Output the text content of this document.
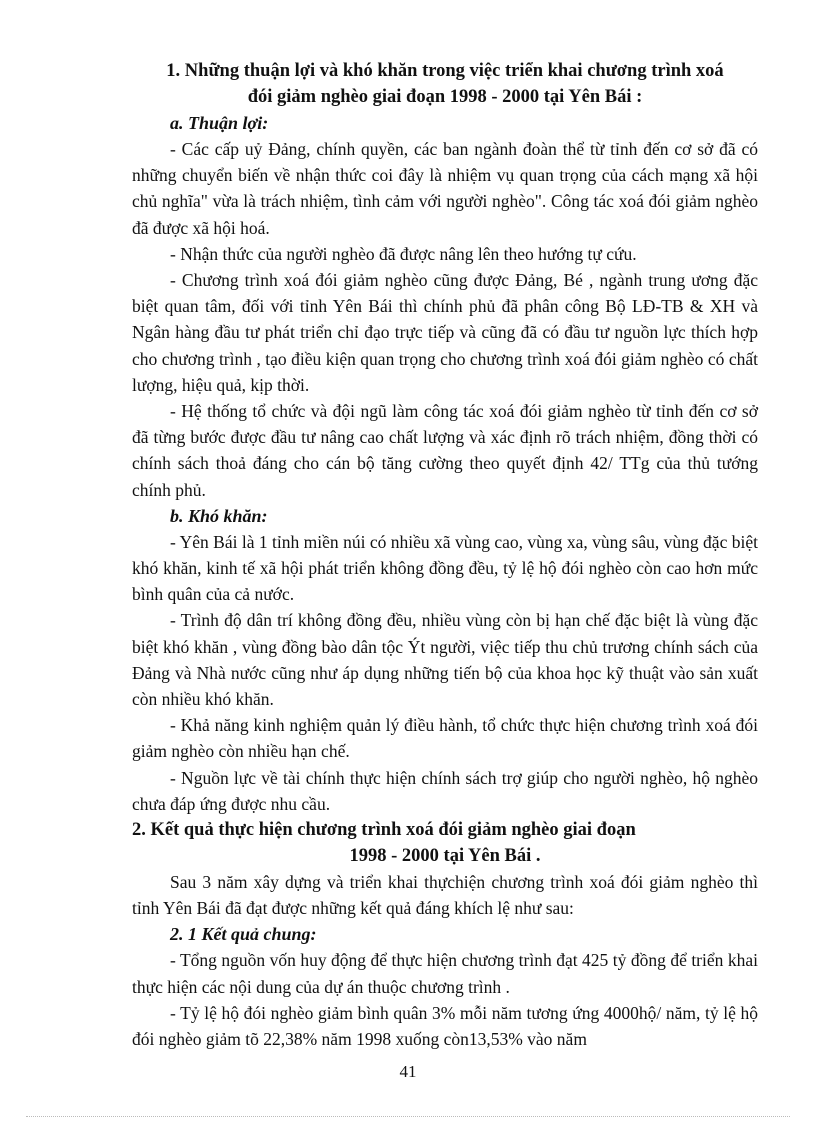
1. Những thuận lợi và khó khăn trong việc triển khai chương trình xoá

đói giảm nghèo giai đoạn 1998 - 2000 tại Yên Bái :

a. Thuận lợi:

- Các cấp uỷ Đảng, chính quyền, các ban ngành đoàn thể từ tỉnh đến cơ sở đã có những chuyển biến về nhận thức coi đây là nhiệm vụ quan trọng của cách mạng xã hội chủ nghĩa" vừa là trách nhiệm, tình cảm với người nghèo". Công tác xoá đói giảm nghèo đã được xã hội hoá.

- Nhận thức của người nghèo đã được nâng lên theo hướng tự cứu.

- Chương trình xoá đói giảm nghèo cũng được Đảng, Bé , ngành trung ương đặc biệt quan tâm, đối với tỉnh Yên Bái thì chính phủ đã phân công Bộ LĐ-TB & XH và Ngân hàng đầu tư phát triển chỉ đạo trực tiếp và cũng đã có đầu tư nguồn lực thích hợp cho chương trình , tạo điều kiện quan trọng cho chương trình xoá đói giảm nghèo có chất lượng, hiệu quả, kịp thời.

- Hệ thống tổ chức và đội ngũ làm công tác xoá đói giảm nghèo từ tỉnh đến cơ sở đã từng bước được đầu tư nâng cao chất lượng và xác định rõ trách nhiệm, đồng thời có chính sách thoả đáng cho cán bộ tăng cường theo quyết định 42/ TTg của thủ tướng chính phủ.

b. Khó khăn:

- Yên Bái là 1 tỉnh miền núi có nhiều xã vùng cao, vùng xa, vùng sâu, vùng đặc biệt khó khăn, kinh tế xã hội phát triển không đồng đều, tỷ lệ hộ đói nghèo còn cao hơn mức bình quân của cả nước.

- Trình độ dân trí không đồng đều, nhiều vùng còn bị hạn chế đặc biệt là vùng đặc biệt khó khăn , vùng đồng bào dân tộc Ýt người, việc tiếp thu chủ trương chính sách của Đảng và Nhà nước cũng như áp dụng những tiến bộ của khoa học kỹ thuật vào sản xuất còn nhiều khó khăn.

- Khả năng kinh nghiệm quản lý điều hành, tổ chức thực hiện chương trình xoá đói giảm nghèo còn nhiều hạn chế.

- Nguồn lực về tài chính thực hiện chính sách trợ giúp cho người nghèo, hộ nghèo chưa đáp ứng được nhu cầu.

2. Kết quả thực hiện chương trình xoá đói giảm nghèo giai đoạn

1998 - 2000 tại Yên Bái .

Sau 3 năm xây dựng và triển khai thựchiện chương trình xoá đói giảm nghèo thì tỉnh Yên Bái đã đạt được những kết quả đáng khích lệ như sau:

2. 1 Kết quả chung:

- Tổng nguồn vốn huy động để thực hiện chương trình đạt 425 tỷ đồng để triển khai thực hiện các nội dung của dự án thuộc chương trình .

- Tỷ lệ hộ đói nghèo giảm bình quân 3% mỗi năm tương ứng 4000hộ/ năm, tỷ lệ hộ đói nghèo giảm tõ 22,38% năm 1998 xuống còn13,53% vào năm

41
